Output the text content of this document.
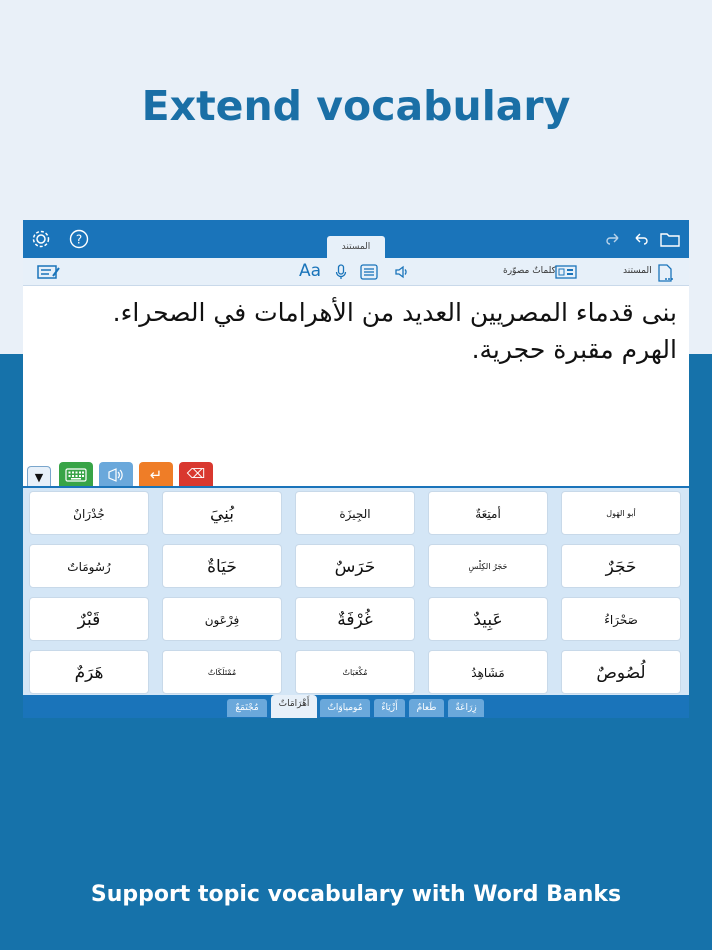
Extend vocabulary
?
المستند
Aa	كلماتٌ مصوّرة	المستند
بنى قدماء المصريين العديد من الأهرامات في الصحراء. الهرم مقبرة حجرية.
▼	↵	⌫
أبو الهَول
أمتِعَةٌ
الجِيزَة
بُنِيَ
جُدْرَانٌ
حَجَرٌ
حَجَرُ الكِلْسِ
حَرَسٌ
حَيَاةٌ
رُسُومَاتٌ
صَحْرَاءُ
عَبِيدٌ
غُرْفَةٌ
فِرْعَون
قَبْرٌ
لُصُوصٌ
مَشَاهِدُ
مُكْعَبَاتٌ
مُمْتَلَكَاتٌ
هَرَمٌ
زِرَاعَةٌ
طَعامٌ
أَزْيَاءٌ
مُومياوَاتٌ
أَهْرَامَاتٌ
مُجْتَمَعٌ
Support topic vocabulary with Word Banks
